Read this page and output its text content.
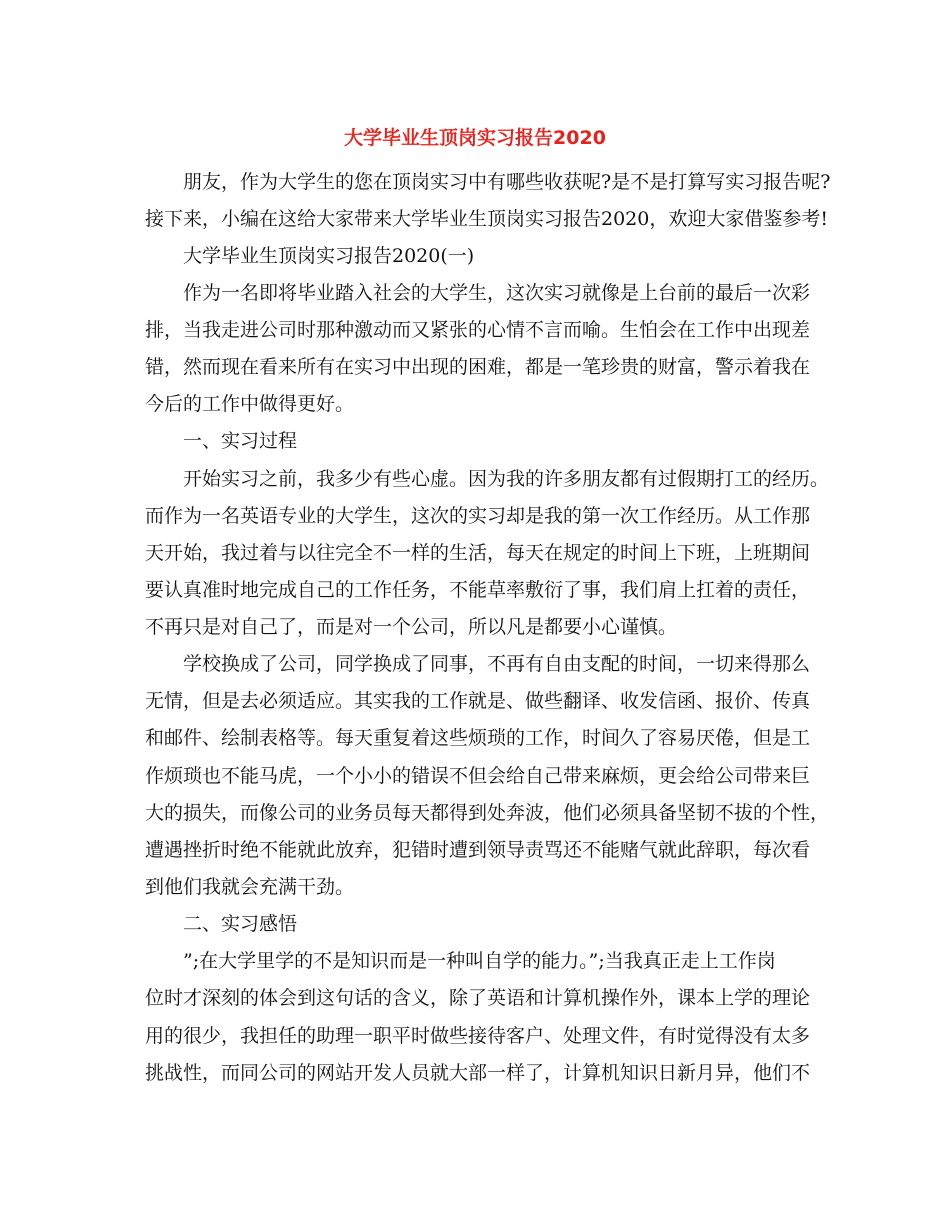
大学毕业生顶岗实习报告2020

朋友，作为大学生的您在顶岗实习中有哪些收获呢?是不是打算写实习报告呢?

接下来，小编在这给大家带来大学毕业生顶岗实习报告2020，欢迎大家借鉴参考!

大学毕业生顶岗实习报告2020(一)

作为一名即将毕业踏入社会的大学生，这次实习就像是上台前的最后一次彩

排，当我走进公司时那种激动而又紧张的心情不言而喻。生怕会在工作中出现差

错，然而现在看来所有在实习中出现的困难，都是一笔珍贵的财富，警示着我在

今后的工作中做得更好。

一、实习过程

开始实习之前，我多少有些心虚。因为我的许多朋友都有过假期打工的经历。

而作为一名英语专业的大学生，这次的实习却是我的第一次工作经历。从工作那

天开始，我过着与以往完全不一样的生活，每天在规定的时间上下班，上班期间

要认真准时地完成自己的工作任务，不能草率敷衍了事，我们肩上扛着的责任，

不再只是对自己了，而是对一个公司，所以凡是都要小心谨慎。

学校换成了公司，同学换成了同事，不再有自由支配的时间，一切来得那么

无情，但是去必须适应。其实我的工作就是、做些翻译、收发信函、报价、传真

和邮件、绘制表格等。每天重复着这些烦琐的工作，时间久了容易厌倦，但是工

作烦琐也不能马虎，一个小小的错误不但会给自己带来麻烦，更会给公司带来巨

大的损失，而像公司的业务员每天都得到处奔波，他们必须具备坚韧不拔的个性，

遭遇挫折时绝不能就此放弃，犯错时遭到领导责骂还不能赌气就此辞职，每次看

到他们我就会充满干劲。

二、实习感悟

”;在大学里学的不是知识而是一种叫自学的能力。”;当我真正走上工作岗

位时才深刻的体会到这句话的含义，除了英语和计算机操作外，课本上学的理论

用的很少，我担任的助理一职平时做些接待客户、处理文件，有时觉得没有太多

挑战性，而同公司的网站开发人员就大部一样了，计算机知识日新月异，他们不
